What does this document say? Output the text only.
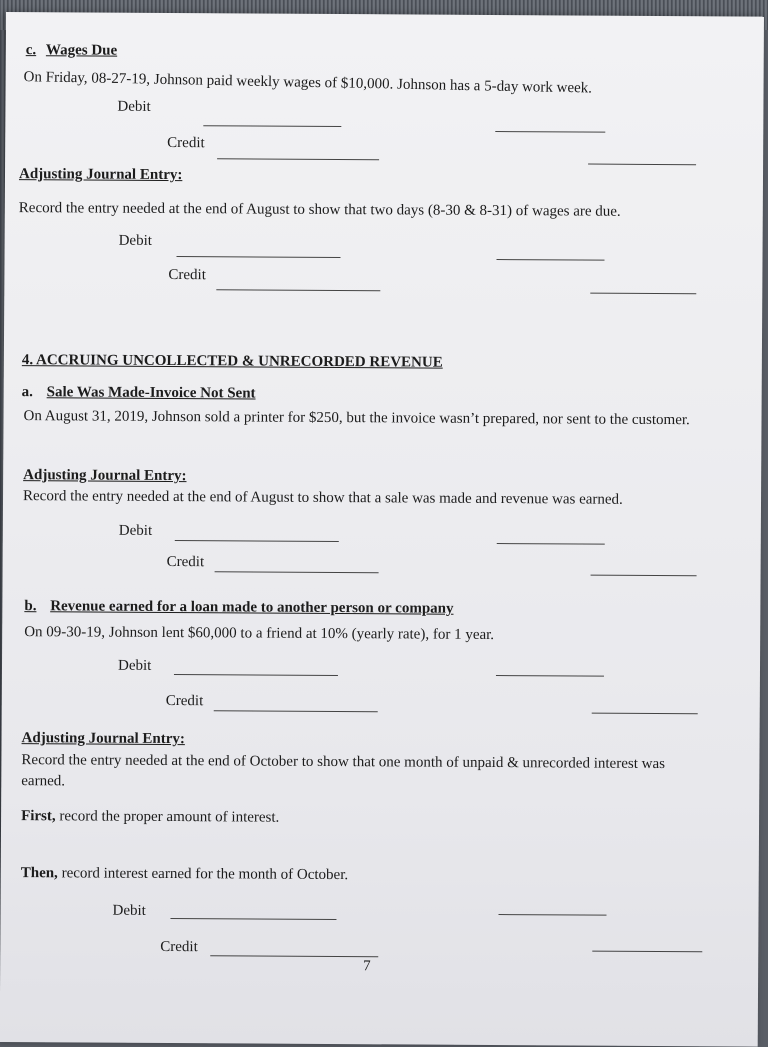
c. Wages Due
On Friday, 08-27-19, Johnson paid weekly wages of $10,000. Johnson has a 5-day work week.
Debit
Credit
Adjusting Journal Entry:
Record the entry needed at the end of August to show that two days (8-30 & 8-31) of wages are due.
Debit
Credit
4. ACCRUING UNCOLLECTED & UNRECORDED REVENUE
a. Sale Was Made-Invoice Not Sent
On August 31, 2019, Johnson sold a printer for $250, but the invoice wasn’t prepared, nor sent to the customer.
Adjusting Journal Entry:
Record the entry needed at the end of August to show that a sale was made and revenue was earned.
Debit
Credit
b. Revenue earned for a loan made to another person or company
On 09-30-19, Johnson lent $60,000 to a friend at 10% (yearly rate), for 1 year.
Debit
Credit
Adjusting Journal Entry:
Record the entry needed at the end of October to show that one month of unpaid & unrecorded interest was earned.
First, record the proper amount of interest.
Then, record interest earned for the month of October.
Debit
Credit
7
